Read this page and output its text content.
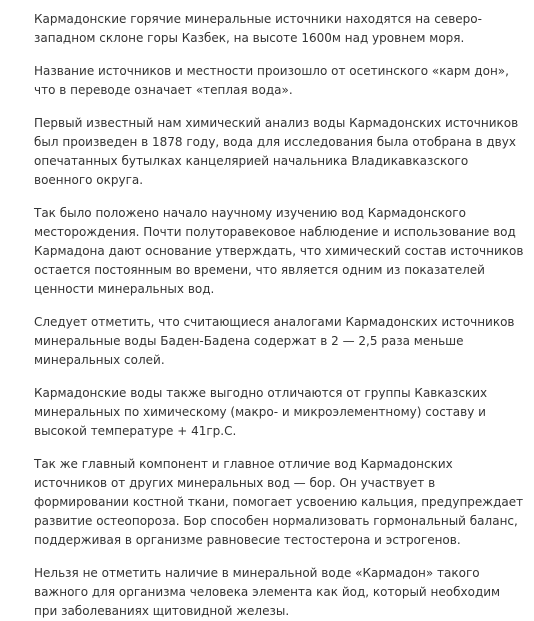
Кармадонские горячие минеральные источники находятся на северо-западном склоне горы Казбек, на высоте 1600м над уровнем моря.

Название источников и местности произошло от осетинского «карм дон», что в переводе означает «теплая вода».

Первый известный нам химический анализ воды Кармадонских источников был произведен в 1878 году, вода для исследования была отобрана в двух опечатанных бутылках канцелярией начальника Владикавказского военного округа.

Так было положено начало научному изучению вод Кармадонского месторождения. Почти полуторавековое наблюдение и использование вод Кармадона дают основание утверждать, что химический состав источников остается постоянным во времени, что является одним из показателей ценности минеральных вод.

Следует отметить, что считающиеся аналогами Кармадонских источников минеральные воды Баден-Бадена содержат в 2 — 2,5 раза меньше минеральных солей.

Кармадонские воды также выгодно отличаются от группы Кавказских минеральных по химическому (макро- и микроэлементному) составу и высокой температуре + 41гр.С.

Так же главный компонент и главное отличие вод Кармадонских источников от других минеральных вод — бор. Он участвует в формировании костной ткани, помогает усвоению кальция, предупреждает развитие остеопороза. Бор способен нормализовать гормональный баланс, поддерживая в организме равновесие тестостерона и эстрогенов.

Нельзя не отметить наличие в минеральной воде «Кармадон» такого важного для организма человека элемента как йод, который необходим при заболеваниях щитовидной железы.
